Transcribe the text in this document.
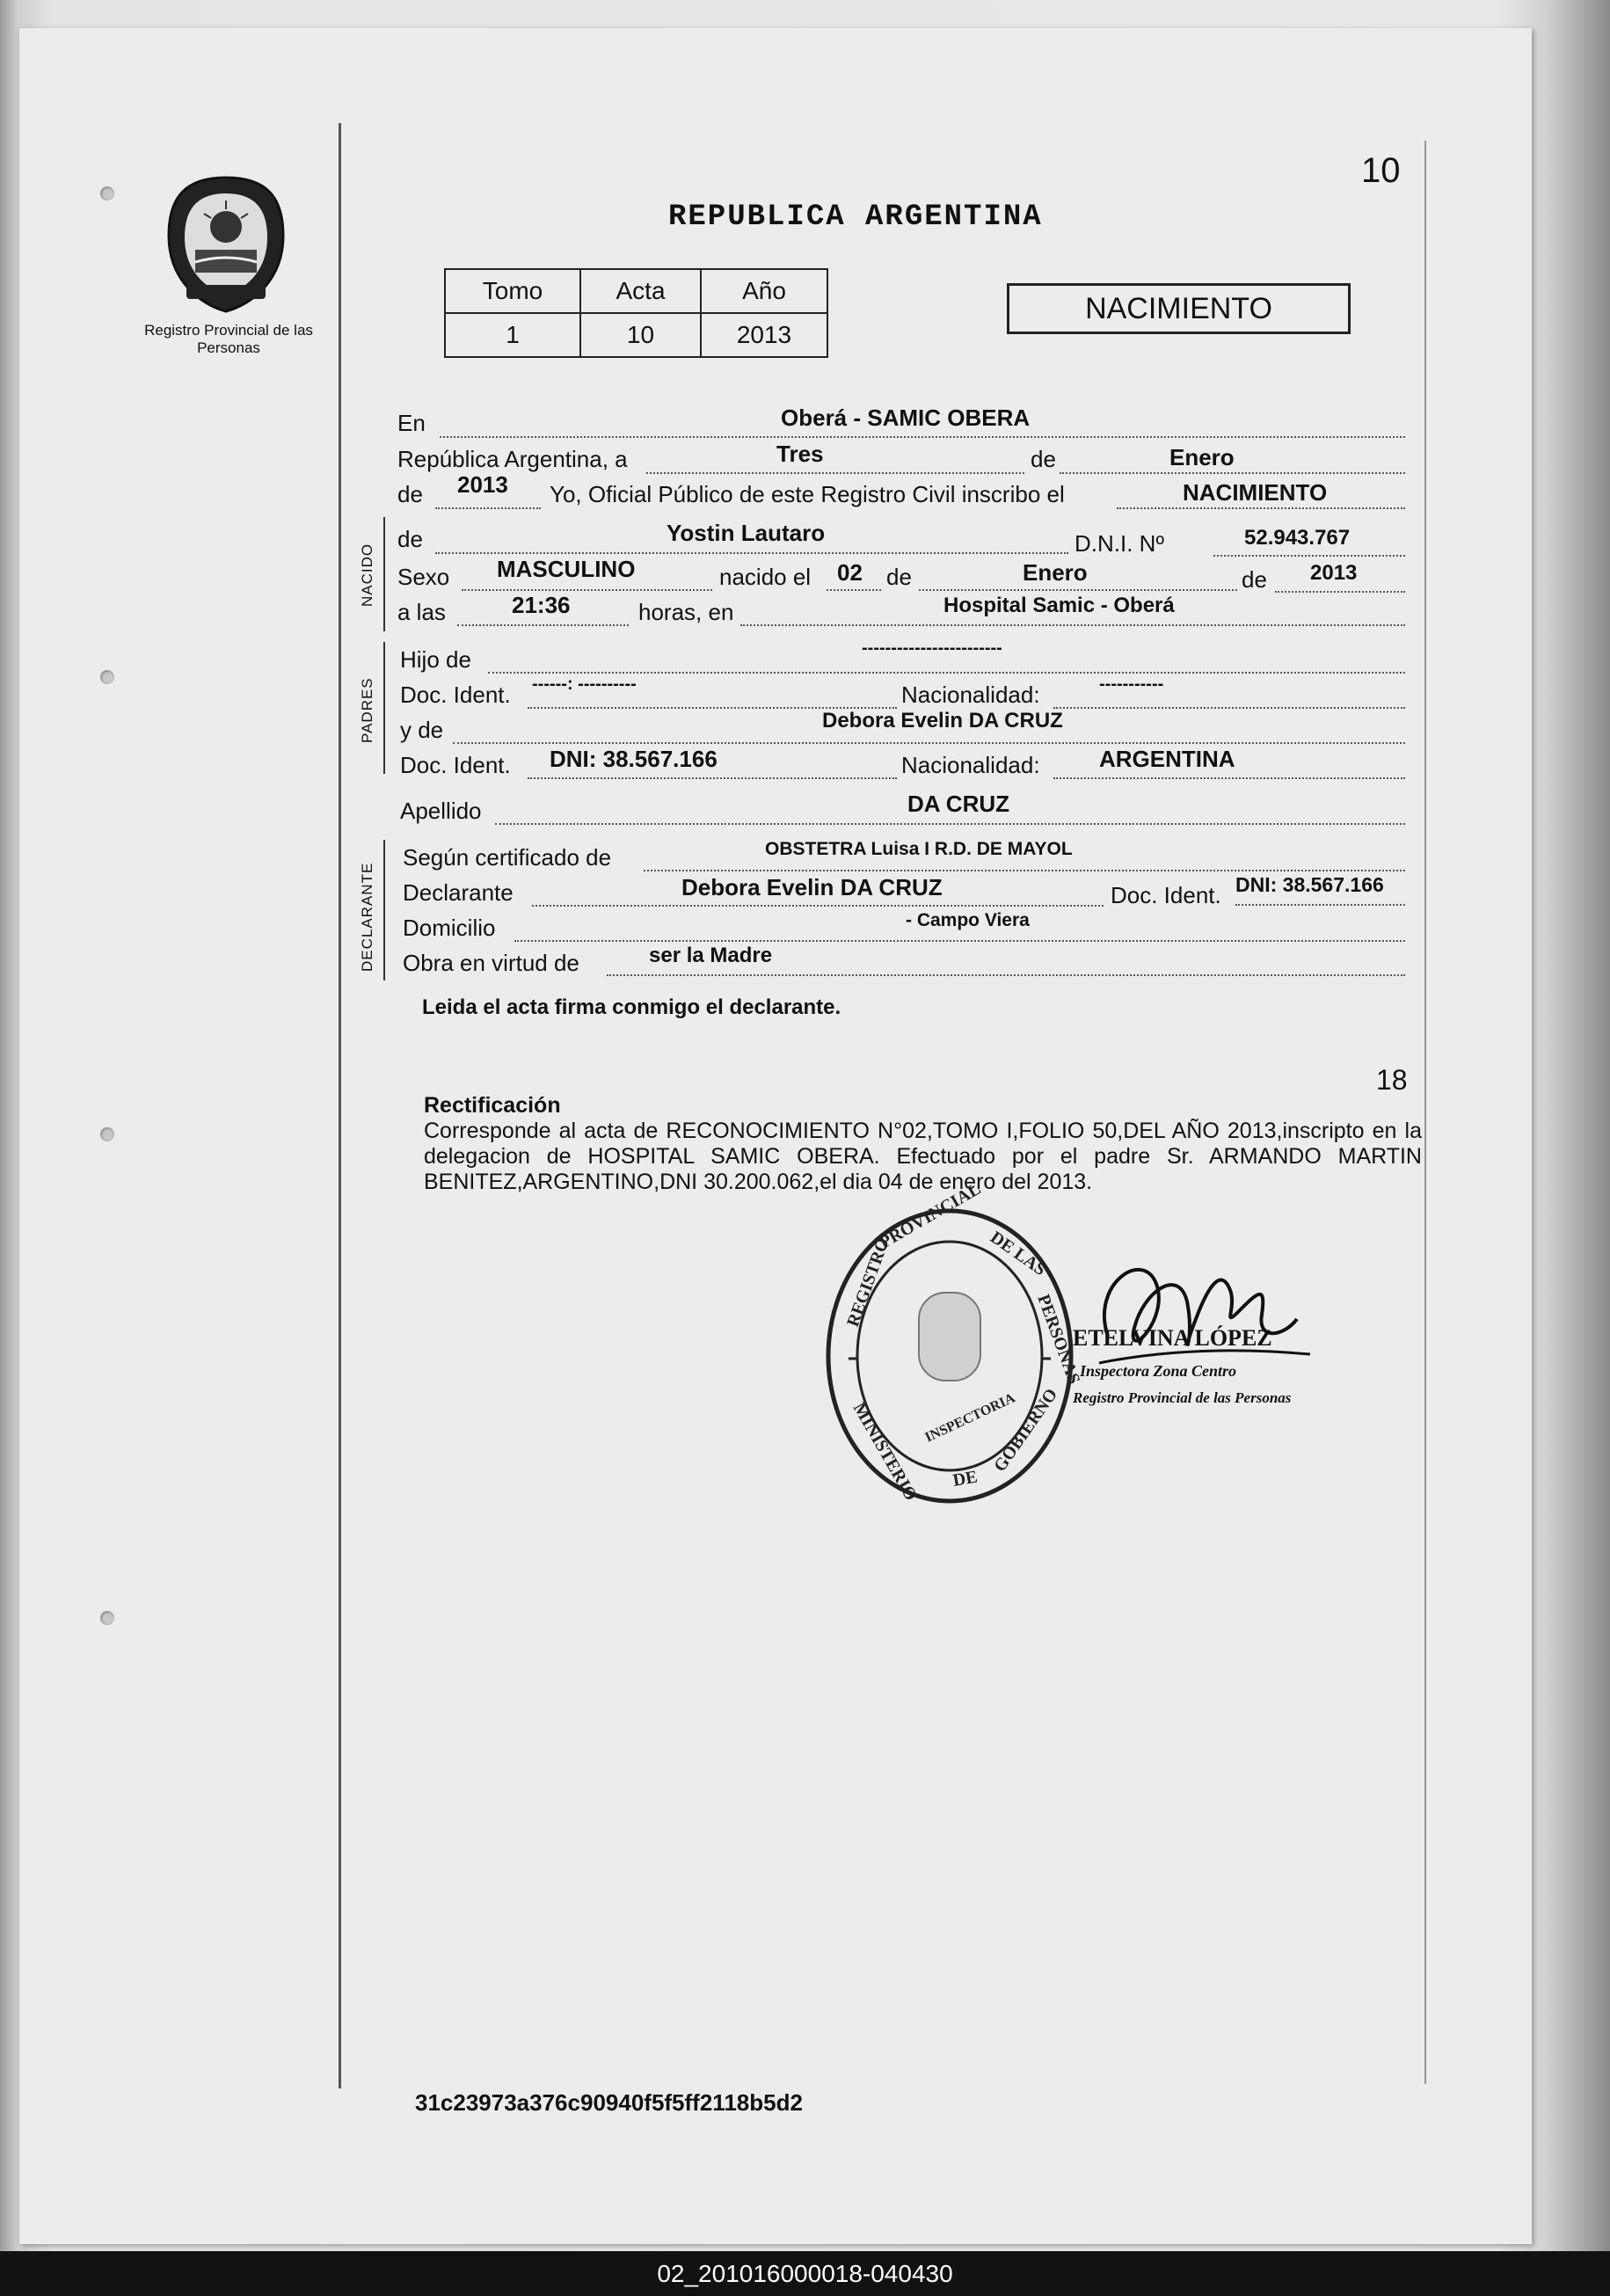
10
Registro Provincial de las Personas
REPUBLICA ARGENTINA
Tomo	Acta	Año
1	10	2013
NACIMIENTO
En	Oberá - SAMIC OBERA
República Argentina, a	Tres	de	Enero
de 2013 Yo, Oficial Público de este Registro Civil inscribo el	NACIMIENTO
NACIDO
de	Yostin Lautaro	D.N.I. Nº	52.943.767
Sexo MASCULINO	nacido el 02 de	Enero	de 2013
a las	21:36	horas, en	Hospital Samic - Oberá
PADRES
Hijo de	------------------------
Doc. Ident. ------: ----------	Nacionalidad:	-----------
y de	Debora Evelin DA CRUZ
Doc. Ident. DNI: 38.567.166	Nacionalidad:	ARGENTINA
Apellido	DA CRUZ
DECLARANTE
Según certificado de	OBSTETRA Luisa I R.D. DE MAYOL
Declarante	Debora Evelin DA CRUZ	Doc. Ident. DNI: 38.567.166
Domicilio	- Campo Viera
Obra en virtud de	ser la Madre
Leida el acta firma conmigo el declarante.
18
Rectificación
Corresponde al acta de RECONOCIMIENTO N°02,TOMO I,FOLIO 50,DEL AÑO 2013,inscripto en la delegacion de HOSPITAL SAMIC OBERA. Efectuado por el padre Sr. ARMANDO MARTIN BENITEZ,ARGENTINO,DNI 30.200.062,el dia 04 de enero del 2013.
REGISTRO
PROVINCIAL
DE LAS
PERSONAS
MINISTERIO DE
GOBIERNO
INSPECTORIA
ETELVINA LÓPEZ
Inspectora Zona Centro
Registro Provincial de las Personas
31c23973a376c90940f5f5ff2118b5d2
02_201016000018-040430
